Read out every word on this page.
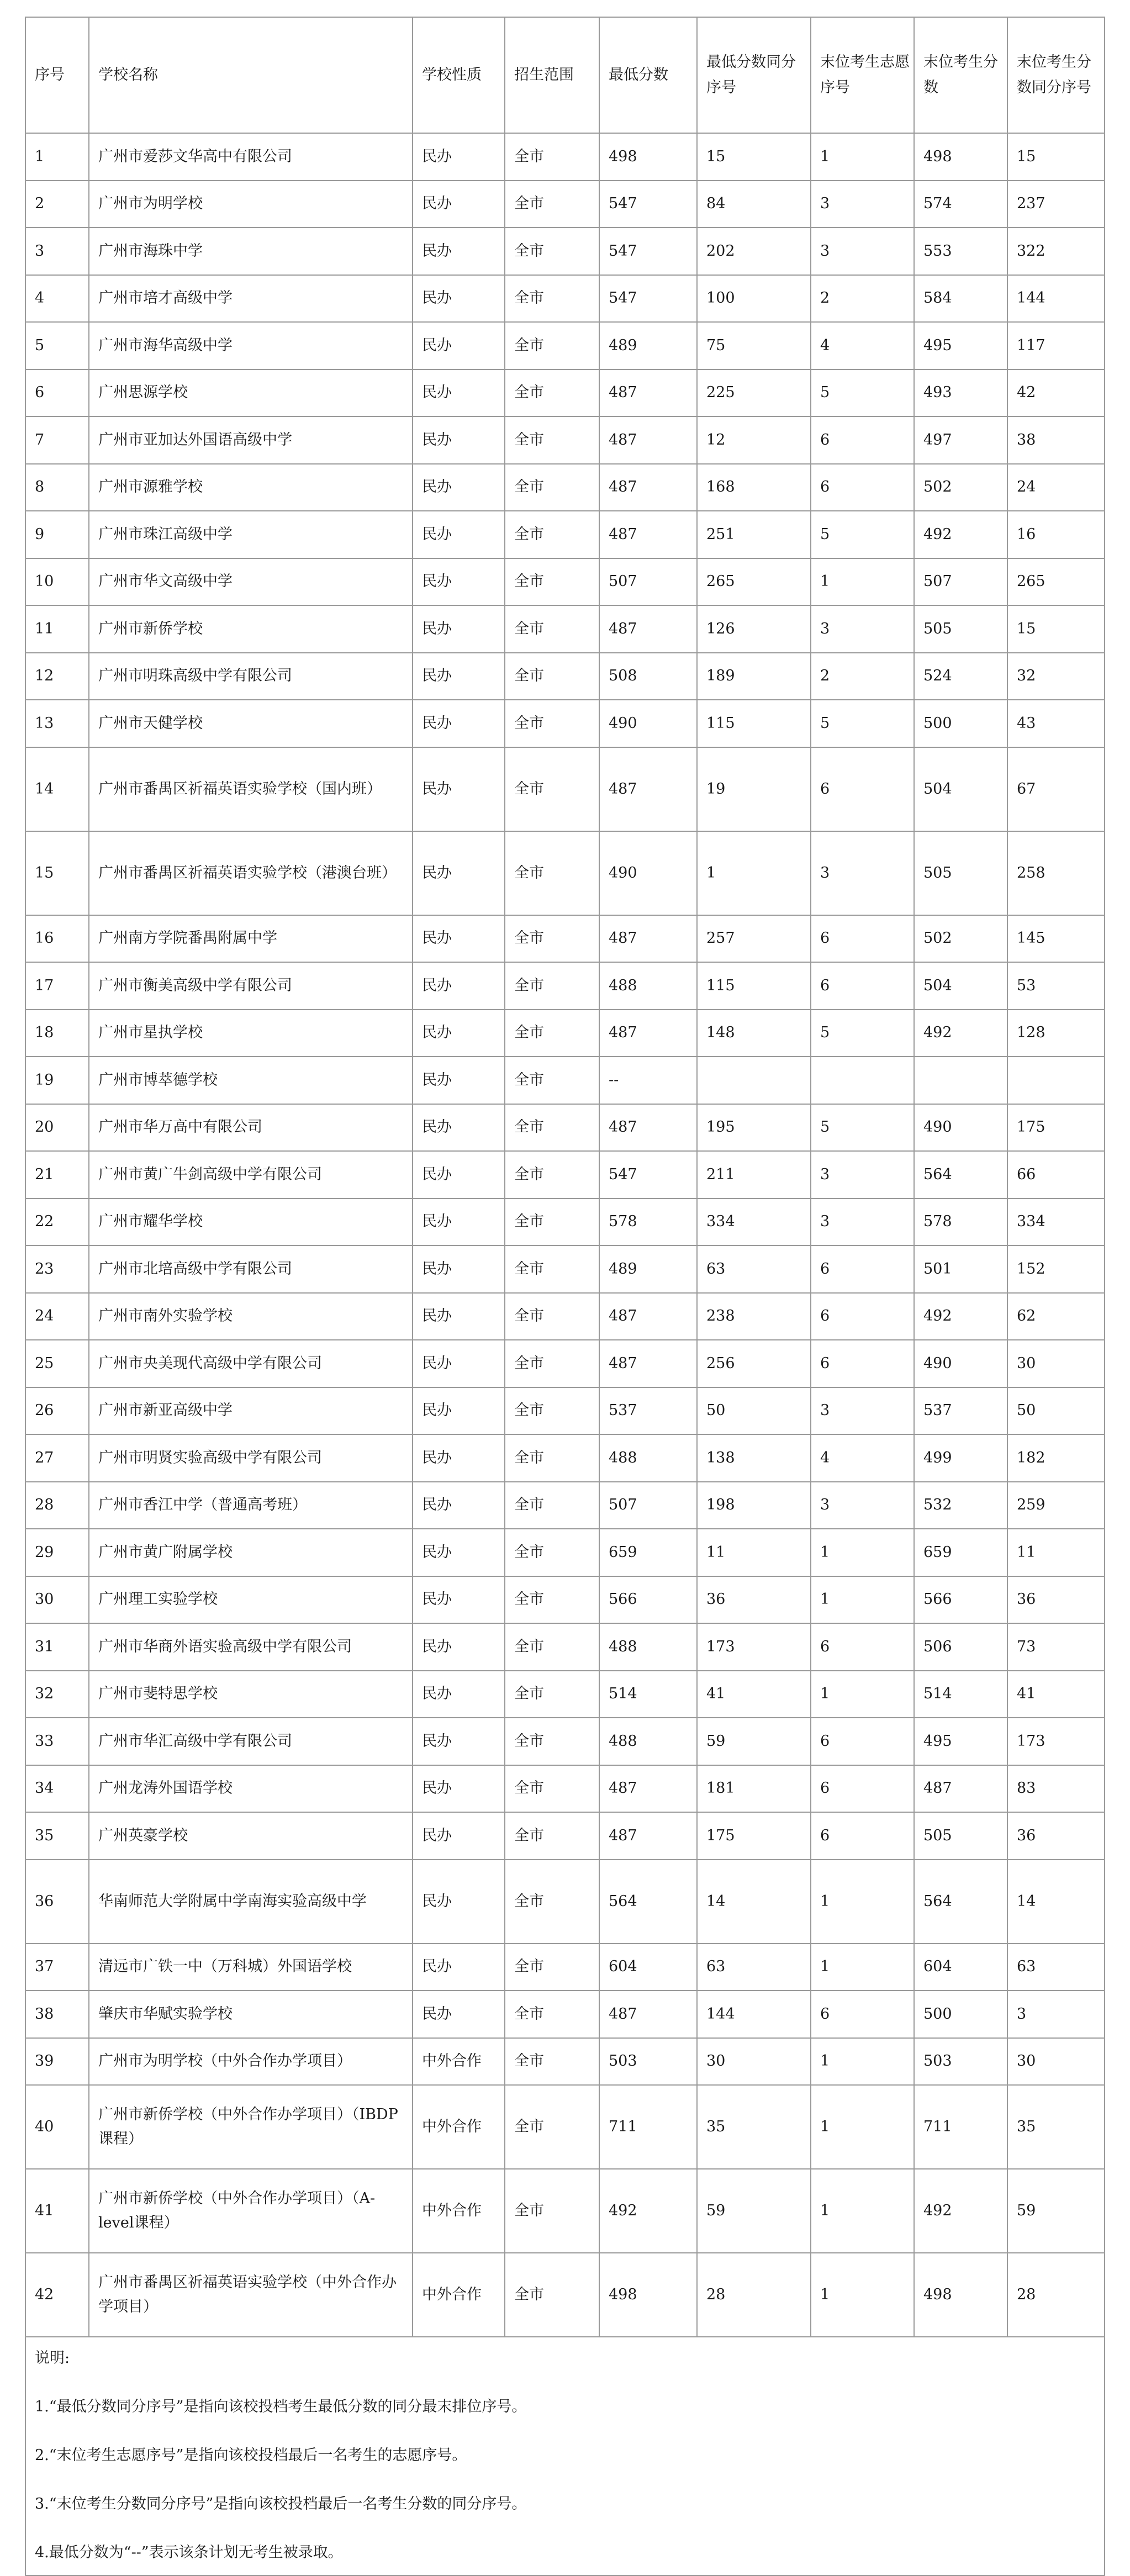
序号	学校名称	学校性质	招生范围	最低分数	最低分数同分序号	末位考生志愿序号	末位考生分数	末位考生分数同分序号
1	广州市爱莎文华高中有限公司	民办	全市	498	15	1	498	15
2	广州市为明学校	民办	全市	547	84	3	574	237
3	广州市海珠中学	民办	全市	547	202	3	553	322
4	广州市培才高级中学	民办	全市	547	100	2	584	144
5	广州市海华高级中学	民办	全市	489	75	4	495	117
6	广州思源学校	民办	全市	487	225	5	493	42
7	广州市亚加达外国语高级中学	民办	全市	487	12	6	497	38
8	广州市源雅学校	民办	全市	487	168	6	502	24
9	广州市珠江高级中学	民办	全市	487	251	5	492	16
10	广州市华文高级中学	民办	全市	507	265	1	507	265
11	广州市新侨学校	民办	全市	487	126	3	505	15
12	广州市明珠高级中学有限公司	民办	全市	508	189	2	524	32
13	广州市天健学校	民办	全市	490	115	5	500	43
14	广州市番禺区祈福英语实验学校（国内班）	民办	全市	487	19	6	504	67
15	广州市番禺区祈福英语实验学校（港澳台班）	民办	全市	490	1	3	505	258
16	广州南方学院番禺附属中学	民办	全市	487	257	6	502	145
17	广州市衡美高级中学有限公司	民办	全市	488	115	6	504	53
18	广州市星执学校	民办	全市	487	148	5	492	128
19	广州市博萃德学校	民办	全市	--				
20	广州市华万高中有限公司	民办	全市	487	195	5	490	175
21	广州市黄广牛剑高级中学有限公司	民办	全市	547	211	3	564	66
22	广州市耀华学校	民办	全市	578	334	3	578	334
23	广州市北培高级中学有限公司	民办	全市	489	63	6	501	152
24	广州市南外实验学校	民办	全市	487	238	6	492	62
25	广州市央美现代高级中学有限公司	民办	全市	487	256	6	490	30
26	广州市新亚高级中学	民办	全市	537	50	3	537	50
27	广州市明贤实验高级中学有限公司	民办	全市	488	138	4	499	182
28	广州市香江中学（普通高考班）	民办	全市	507	198	3	532	259
29	广州市黄广附属学校	民办	全市	659	11	1	659	11
30	广州理工实验学校	民办	全市	566	36	1	566	36
31	广州市华商外语实验高级中学有限公司	民办	全市	488	173	6	506	73
32	广州市斐特思学校	民办	全市	514	41	1	514	41
33	广州市华汇高级中学有限公司	民办	全市	488	59	6	495	173
34	广州龙涛外国语学校	民办	全市	487	181	6	487	83
35	广州英豪学校	民办	全市	487	175	6	505	36
36	华南师范大学附属中学南海实验高级中学	民办	全市	564	14	1	564	14
37	清远市广铁一中（万科城）外国语学校	民办	全市	604	63	1	604	63
38	肇庆市华赋实验学校	民办	全市	487	144	6	500	3
39	广州市为明学校（中外合作办学项目）	中外合作	全市	503	30	1	503	30
40	广州市新侨学校（中外合作办学项目）（IBDP课程）	中外合作	全市	711	35	1	711	35
41	广州市新侨学校（中外合作办学项目）（A-level课程）	中外合作	全市	492	59	1	492	59
42	广州市番禺区祈福英语实验学校（中外合作办学项目）	中外合作	全市	498	28	1	498	28

说明:
1.“最低分数同分序号”是指向该校投档考生最低分数的同分最末排位序号。
2.“末位考生志愿序号”是指向该校投档最后一名考生的志愿序号。
3.“末位考生分数同分序号”是指向该校投档最后一名考生分数的同分序号。
4.最低分数为“--”表示该条计划无考生被录取。								
